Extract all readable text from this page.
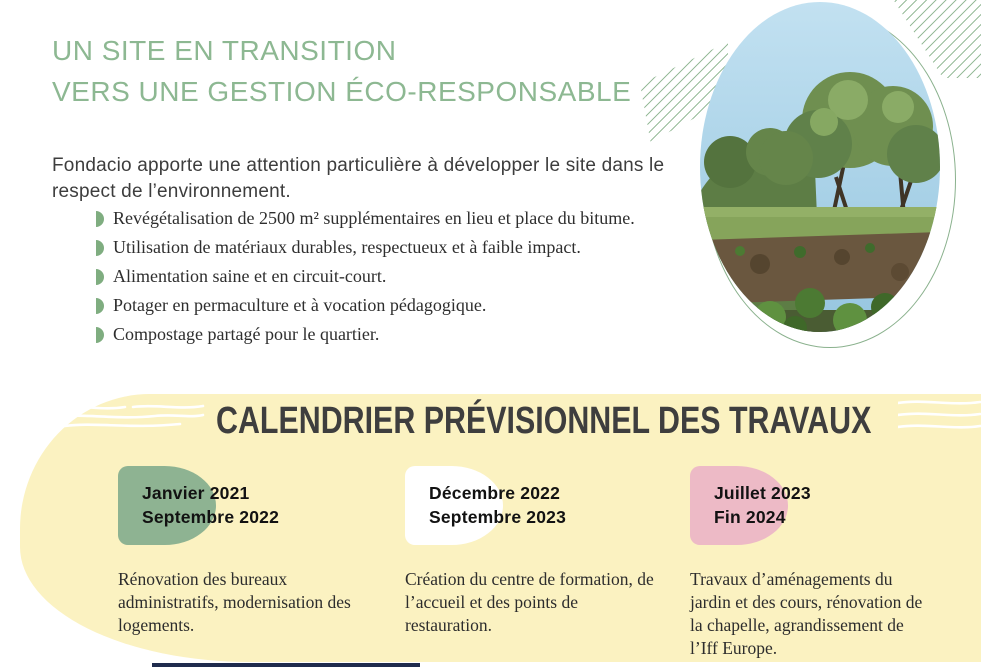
UN SITE EN TRANSITION
VERS UNE GESTION ÉCO-RESPONSABLE

Fondacio apporte une attention particulière à développer le site dans le respect de l’environnement.

Revégétalisation de 2500 m² supplémentaires en lieu et place du bitume.
Utilisation de matériaux durables, respectueux et à faible impact.
Alimentation saine et en circuit-court.
Potager en permaculture et à vocation pédagogique.
Compostage partagé pour le quartier.
CALENDRIER PRÉVISIONNEL DES TRAVAUX
Janvier 2021
Septembre 2022
Rénovation des bureaux administratifs, modernisation des logements.
Décembre 2022
Septembre 2023
Création du centre de formation, de l’accueil et des points de restauration.
Juillet 2023
Fin 2024
Travaux d’aménagements du jardin et des cours, rénovation de la chapelle, agrandissement de l’Iff Europe.
